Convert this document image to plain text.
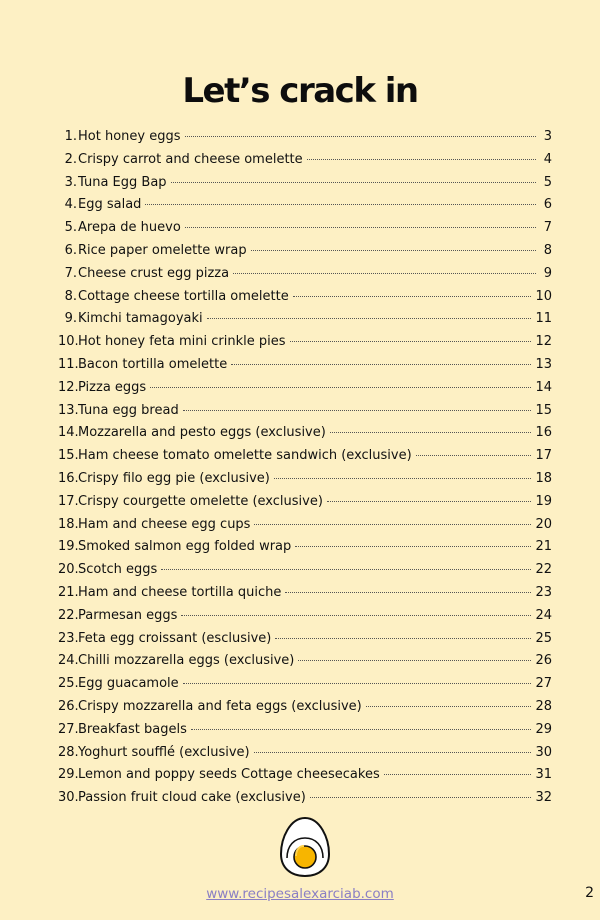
Let’s crack in
1. Hot honey eggs	3
2. Crispy carrot and cheese omelette	4
3. Tuna Egg Bap	5
4. Egg salad	6
5. Arepa de huevo	7
6. Rice paper omelette wrap	8
7. Cheese crust egg pizza	9
8. Cottage cheese tortilla omelette	10
9. Kimchi tamagoyaki	11
10. Hot honey feta mini crinkle pies	12
11. Bacon tortilla omelette	13
12. Pizza eggs	14
13. Tuna egg bread	15
14. Mozzarella and pesto eggs (exclusive)	16
15. Ham cheese tomato omelette sandwich (exclusive)	17
16. Crispy filo egg pie (exclusive)	18
17. Crispy courgette omelette (exclusive)	19
18. Ham and cheese egg cups	20
19. Smoked salmon egg folded wrap	21
20. Scotch eggs	22
21. Ham and cheese tortilla quiche	23
22. Parmesan eggs	24
23. Feta egg croissant (esclusive)	25
24. Chilli mozzarella eggs (exclusive)	26
25. Egg guacamole	27
26. Crispy mozzarella and feta eggs (exclusive)	28
27. Breakfast bagels	29
28. Yoghurt soufflé (exclusive)	30
29. Lemon and poppy seeds Cottage cheesecakes	31
30. Passion fruit cloud cake (exclusive)	32
www.recipesalexarciab.com	2
